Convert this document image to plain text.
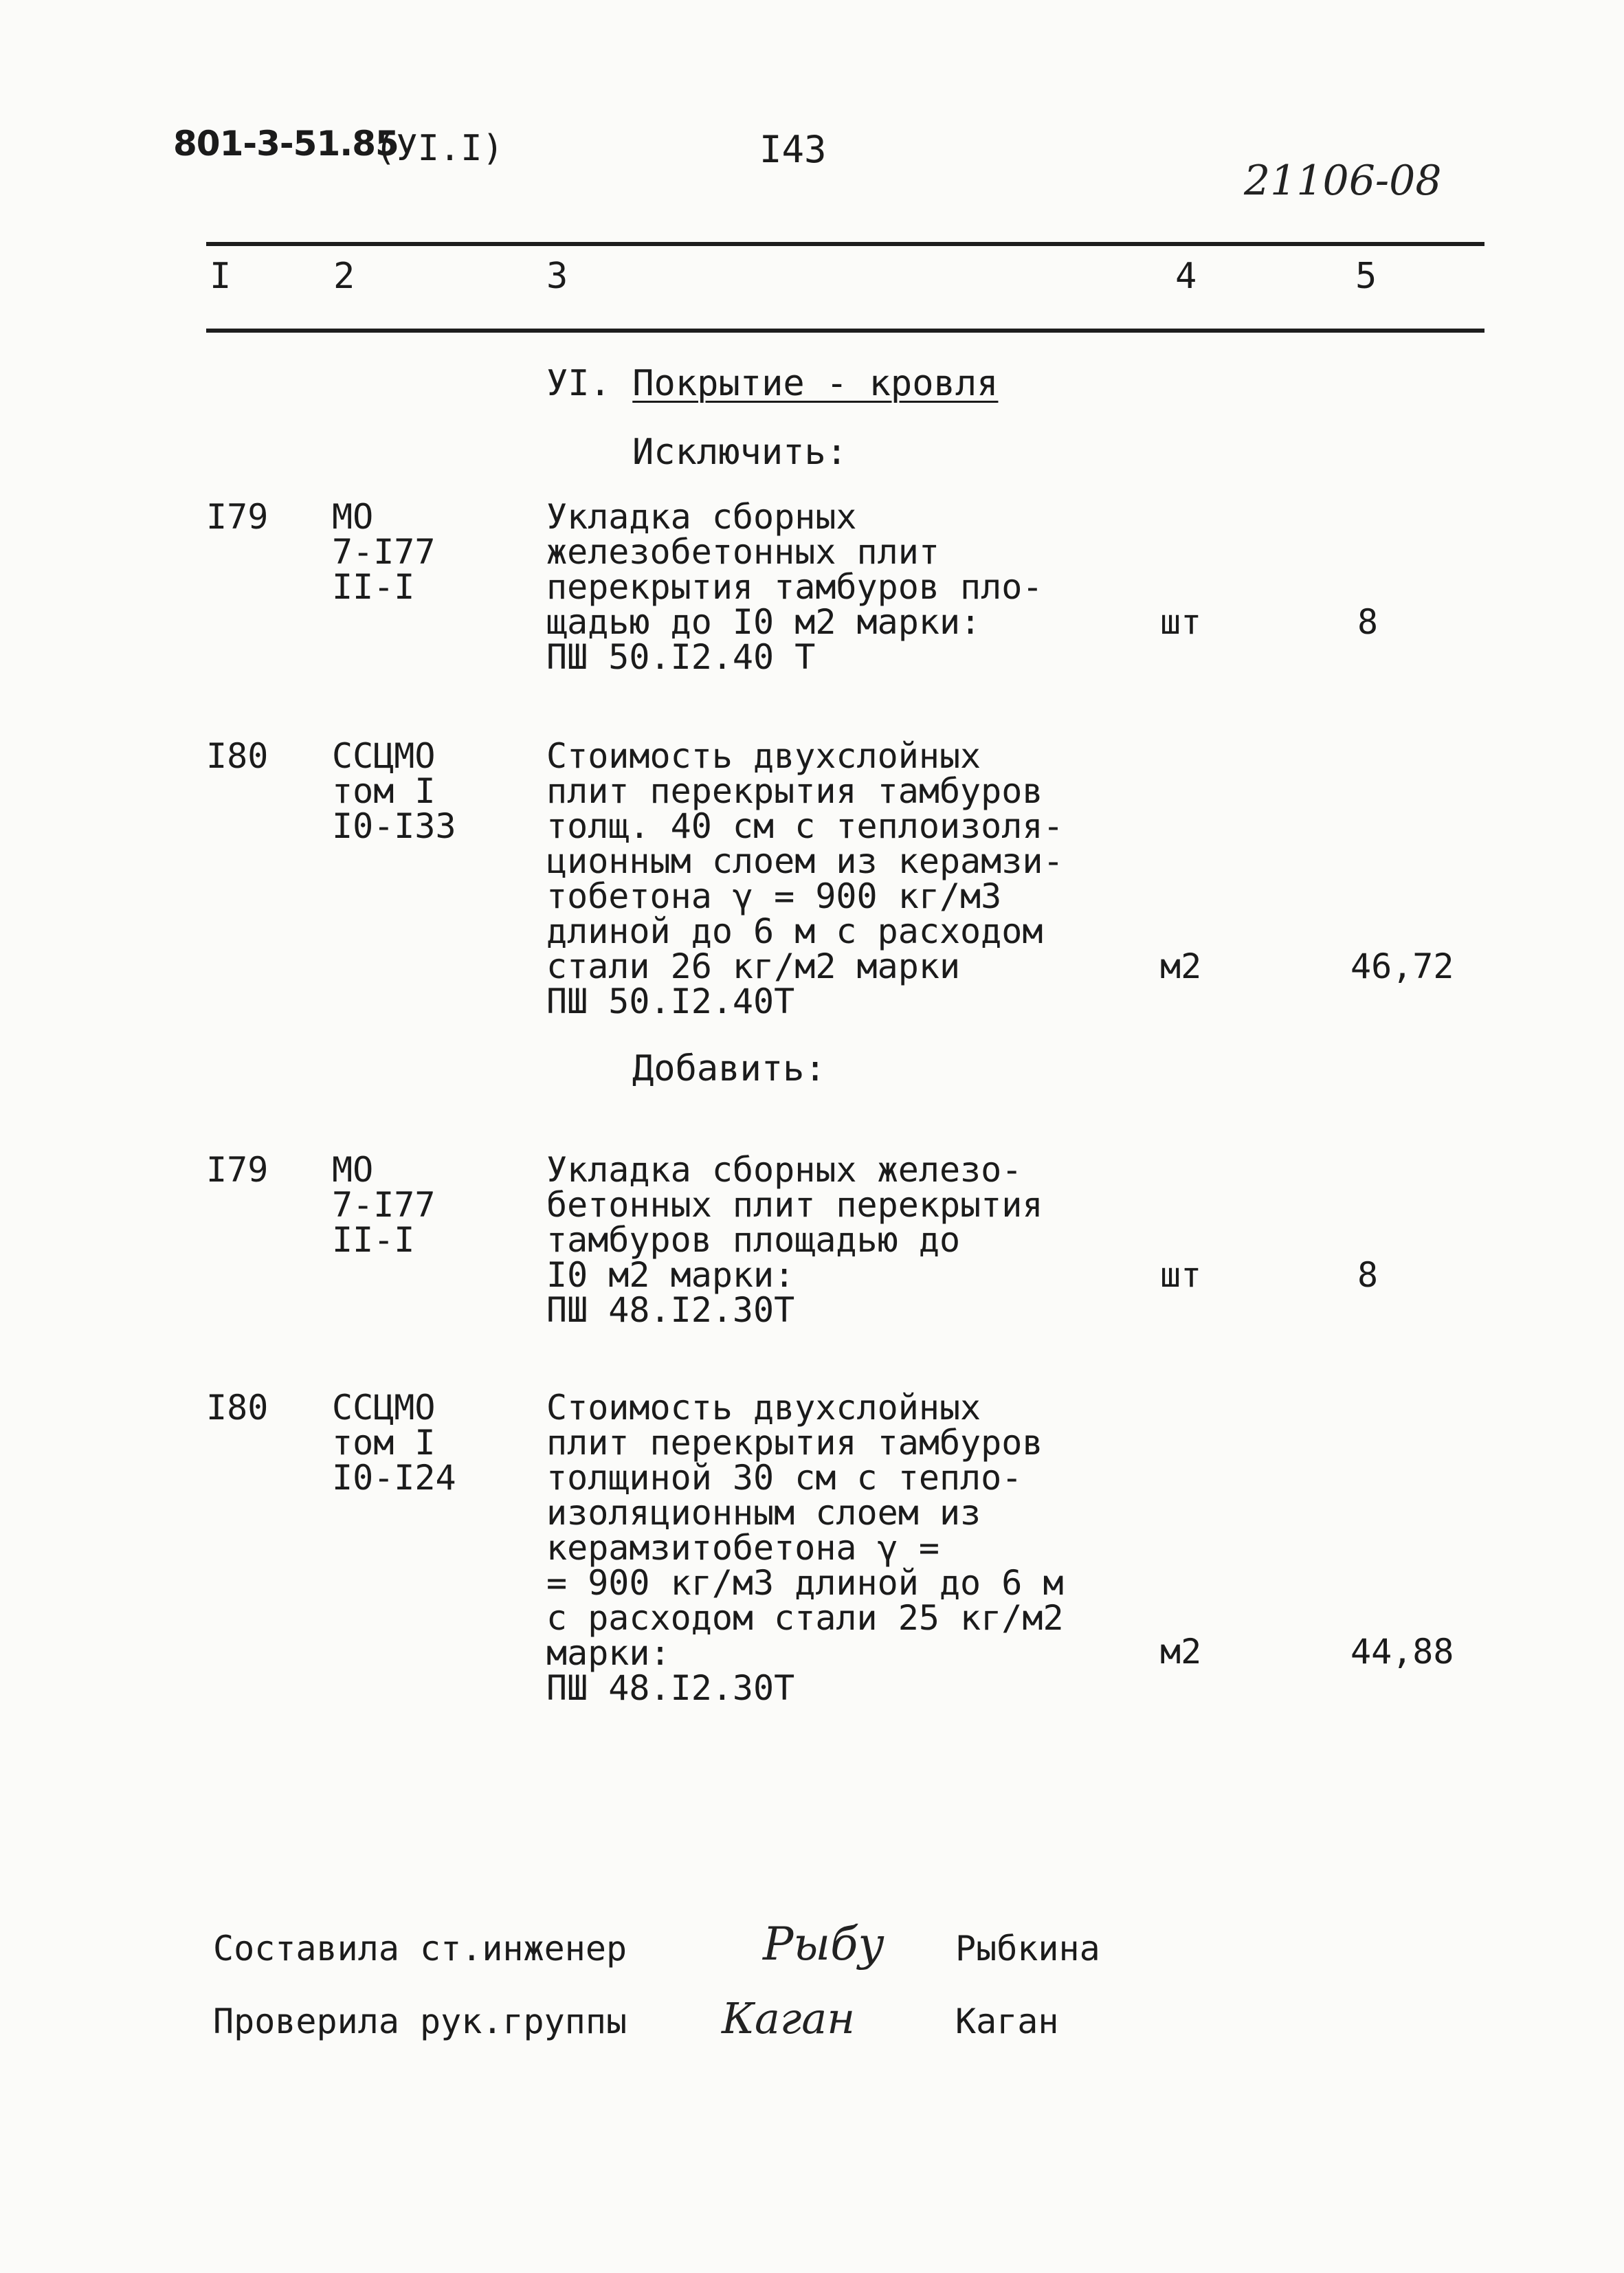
801-3-51.85
(УI.I)	I43
21106-08
I	2	3	4	5
УI. Покрытие - кровля
Исключить:
I79 МО
7-I77
II-I
Укладка сборных
железобетонных плит
перекрытия тамбуров пло-
щадью до I0 м2 марки:
ПШ 50.I2.40 Т
шт	8
I80 ССЦМО
том I
I0-I33
Стоимость двухслойных
плит перекрытия тамбуров
толщ. 40 см с теплоизоля-
ционным слоем из керамзи-
тобетона γ = 900 кг/м3
длиной до 6 м с расходом
стали 26 кг/м2 марки
ПШ 50.I2.40Т
м2	46,72
Добавить:
I79 МО
7-I77
II-I
Укладка сборных железо-
бетонных плит перекрытия
тамбуров площадью до
I0 м2 марки:
ПШ 48.I2.30Т
шт	8
I80 ССЦМО
том I
I0-I24
Стоимость двухслойных
плит перекрытия тамбуров
толщиной 30 см с тепло-
изоляционным слоем из
керамзитобетона γ =
= 900 кг/м3 длиной до 6 м
с расходом стали 25 кг/м2
марки:
ПШ 48.I2.30Т
м2	44,88
Составила ст.инженер	Рыбу Рыбкина
Проверила рук.группы Каган	Каган
